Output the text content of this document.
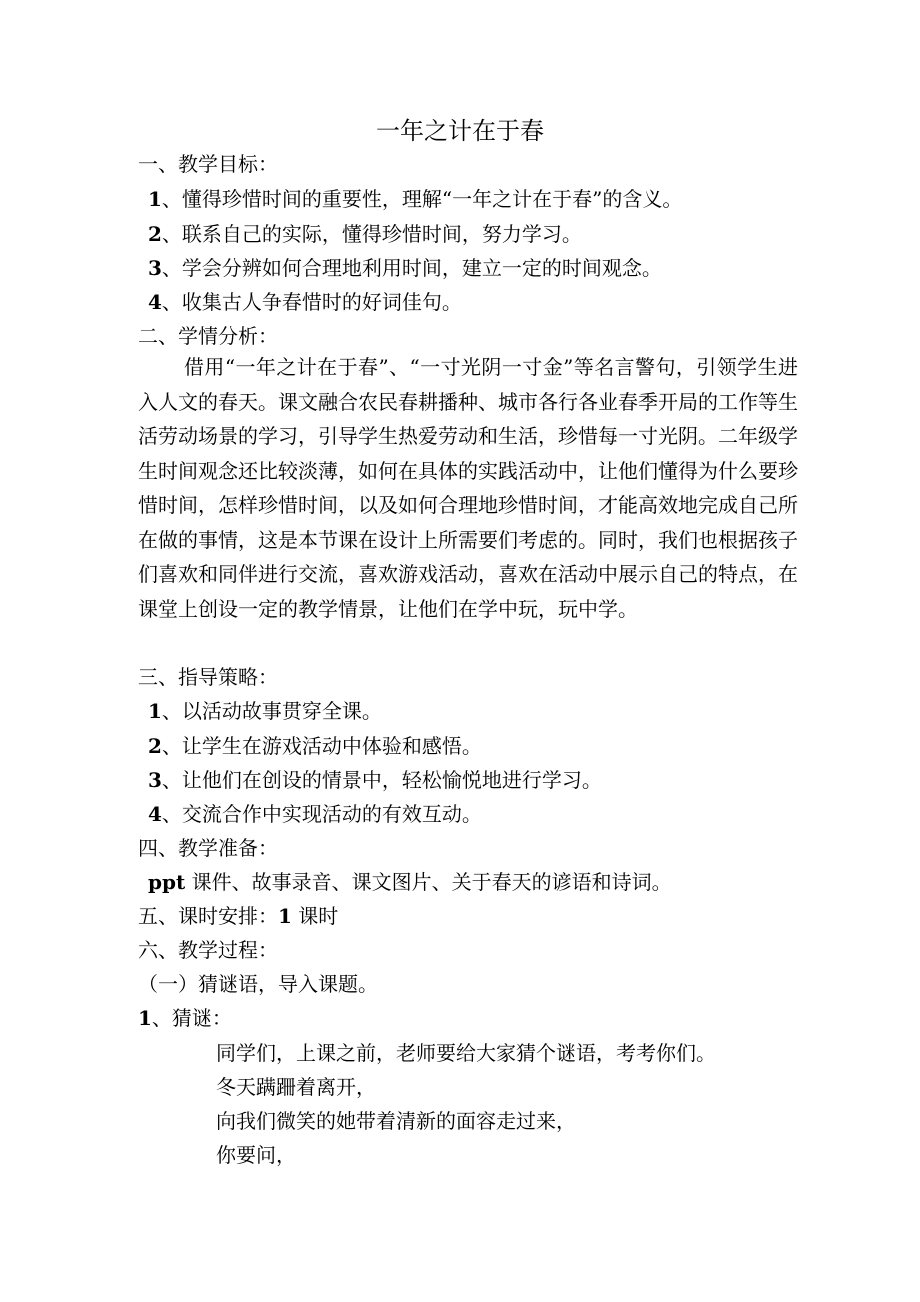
一年之计在于春
一、教学目标：
1、懂得珍惜时间的重要性，理解“一年之计在于春”的含义。
2、联系自己的实际，懂得珍惜时间，努力学习。
3、学会分辨如何合理地利用时间，建立一定的时间观念。
4、收集古人争春惜时的好词佳句。
二、学情分析：
借用“一年之计在于春”、“一寸光阴一寸金”等名言警句，引领学生进入人文的春天。课文融合农民春耕播种、城市各行各业春季开局的工作等生活劳动场景的学习，引导学生热爱劳动和生活，珍惜每一寸光阴。二年级学生时间观念还比较淡薄，如何在具体的实践活动中，让他们懂得为什么要珍惜时间，怎样珍惜时间，以及如何合理地珍惜时间，才能高效地完成自己所在做的事情，这是本节课在设计上所需要们考虑的。同时，我们也根据孩子们喜欢和同伴进行交流，喜欢游戏活动，喜欢在活动中展示自己的特点，在课堂上创设一定的教学情景，让他们在学中玩，玩中学。
三、指导策略：
1、以活动故事贯穿全课。
2、让学生在游戏活动中体验和感悟。
3、让他们在创设的情景中，轻松愉悦地进行学习。
4、交流合作中实现活动的有效互动。
四、教学准备：
ppt 课件、故事录音、课文图片、关于春天的谚语和诗词。
五、课时安排：1 课时
六、教学过程：
（一）猜谜语，导入课题。
1、猜谜：
同学们，上课之前，老师要给大家猜个谜语，考考你们。
冬天蹒跚着离开，
向我们微笑的她带着清新的面容走过来，
你要问，
